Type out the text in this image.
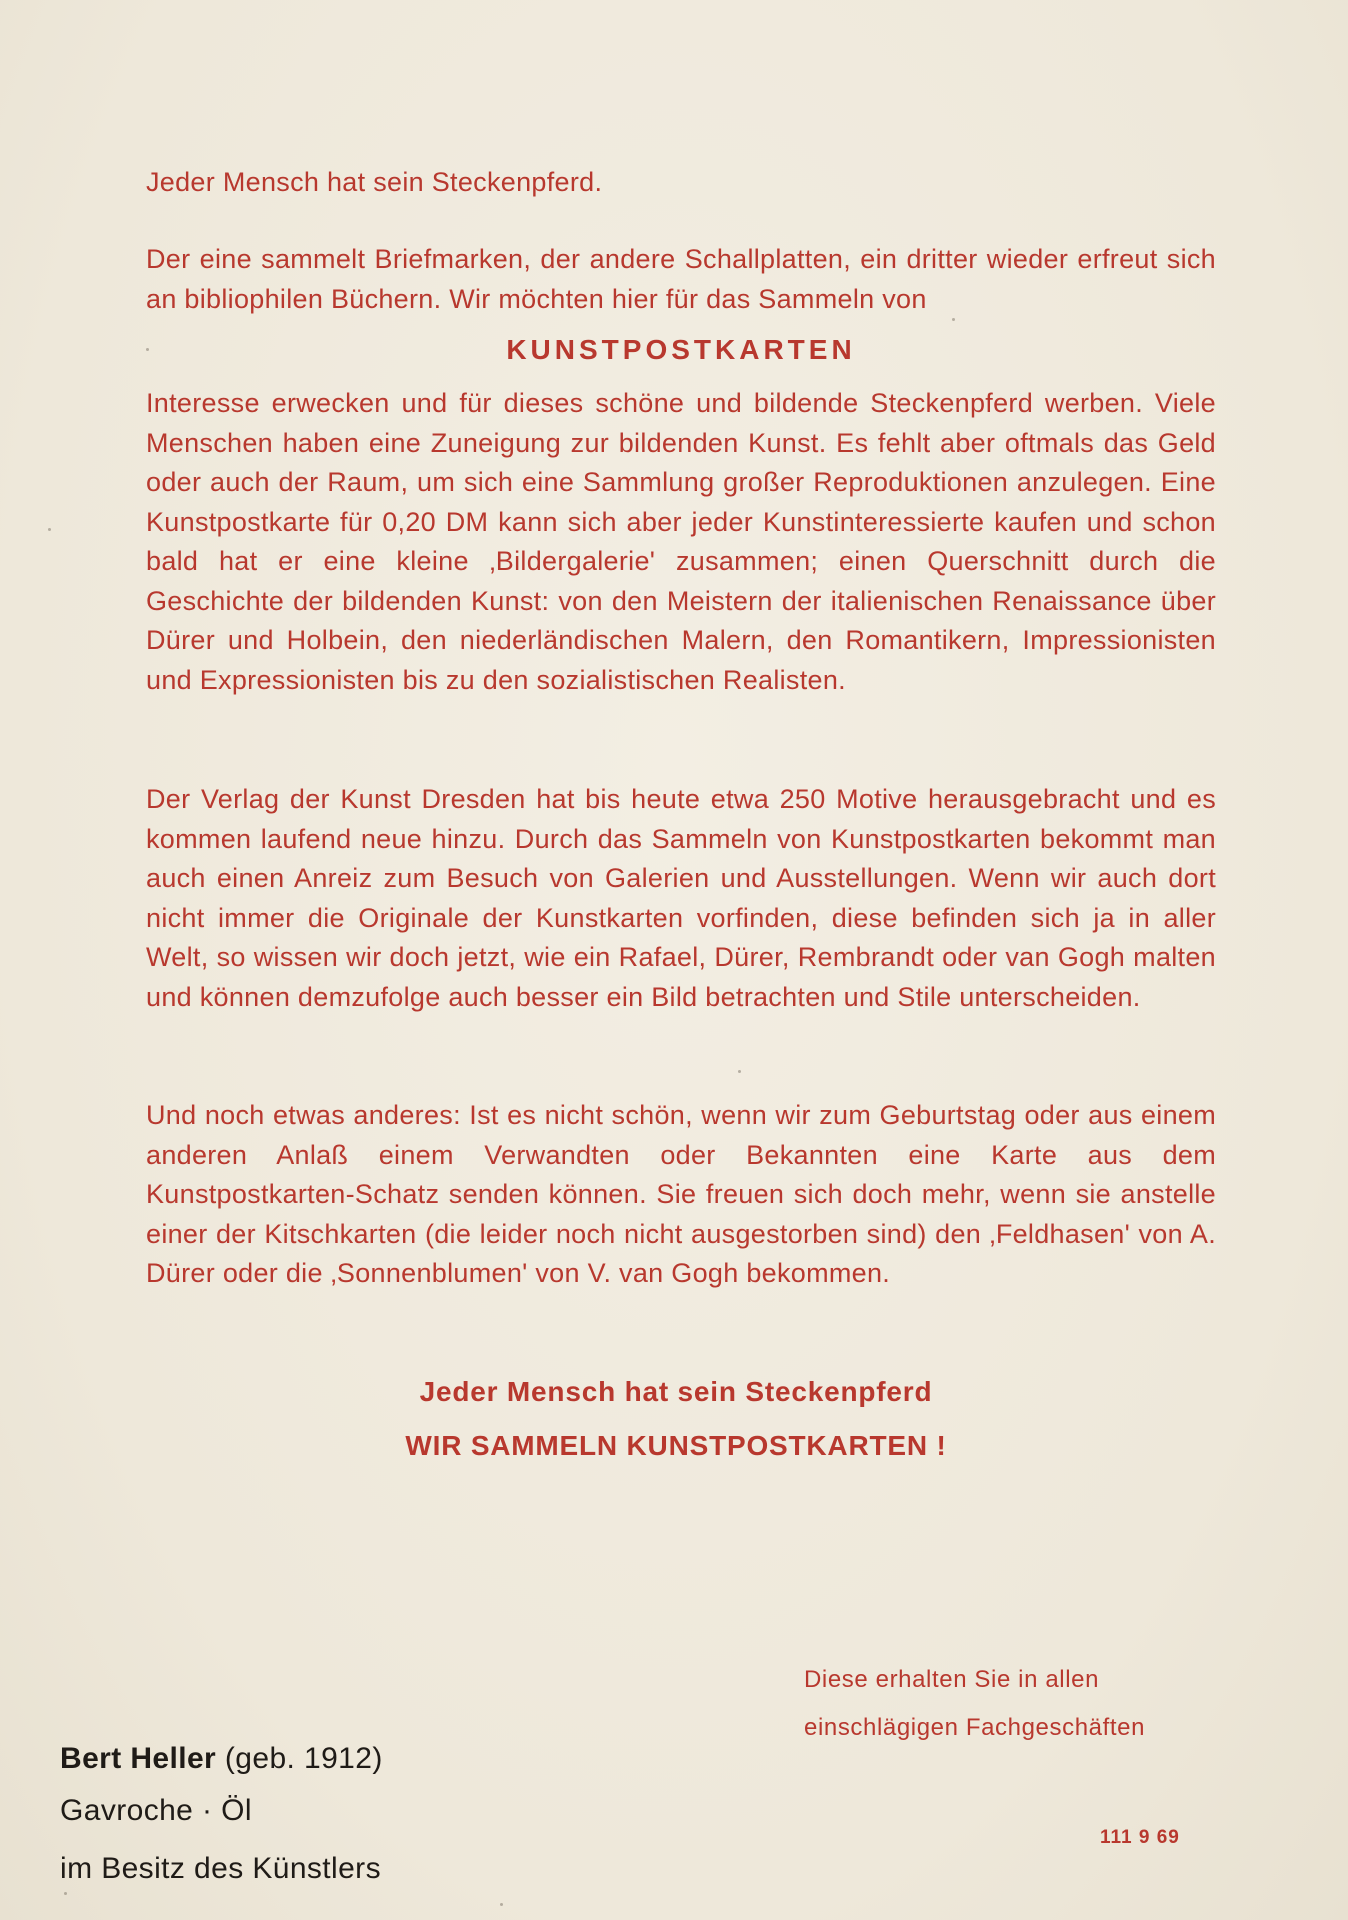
Jeder Mensch hat sein Steckenpferd.
Der eine sammelt Briefmarken, der andere Schallplatten, ein dritter wieder erfreut sich an bibliophilen Büchern. Wir möchten hier für das Sammeln von
KUNSTPOSTKARTEN
Interesse erwecken und für dieses schöne und bildende Steckenpferd werben. Viele Menschen haben eine Zuneigung zur bildenden Kunst. Es fehlt aber oftmals das Geld oder auch der Raum, um sich eine Sammlung großer Reproduktionen anzulegen. Eine Kunstpostkarte für 0,20 DM kann sich aber jeder Kunstinteressierte kaufen und schon bald hat er eine kleine ‚Bildergalerie' zusammen; einen Querschnitt durch die Geschichte der bildenden Kunst: von den Meistern der italienischen Renaissance über Dürer und Holbein, den niederländischen Malern, den Romantikern, Impressionisten und Expressionisten bis zu den sozialistischen Realisten.
Der Verlag der Kunst Dresden hat bis heute etwa 250 Motive herausgebracht und es kommen laufend neue hinzu. Durch das Sammeln von Kunstpostkarten bekommt man auch einen Anreiz zum Besuch von Galerien und Ausstellungen. Wenn wir auch dort nicht immer die Originale der Kunstkarten vorfinden, diese befinden sich ja in aller Welt, so wissen wir doch jetzt, wie ein Rafael, Dürer, Rembrandt oder van Gogh malten und können demzufolge auch besser ein Bild betrachten und Stile unterscheiden.
Und noch etwas anderes: Ist es nicht schön, wenn wir zum Geburtstag oder aus einem anderen Anlaß einem Verwandten oder Bekannten eine Karte aus dem Kunstpostkarten-Schatz senden können. Sie freuen sich doch mehr, wenn sie anstelle einer der Kitschkarten (die leider noch nicht ausgestorben sind) den ‚Feldhasen' von A. Dürer oder die ‚Sonnenblumen' von V. van Gogh bekommen.
Jeder Mensch hat sein Steckenpferd
WIR SAMMELN KUNSTPOSTKARTEN !
Diese erhalten Sie in allen
einschlägigen Fachgeschäften
111 9 69
Bert Heller (geb. 1912)
Gavroche · Öl
im Besitz des Künstlers
